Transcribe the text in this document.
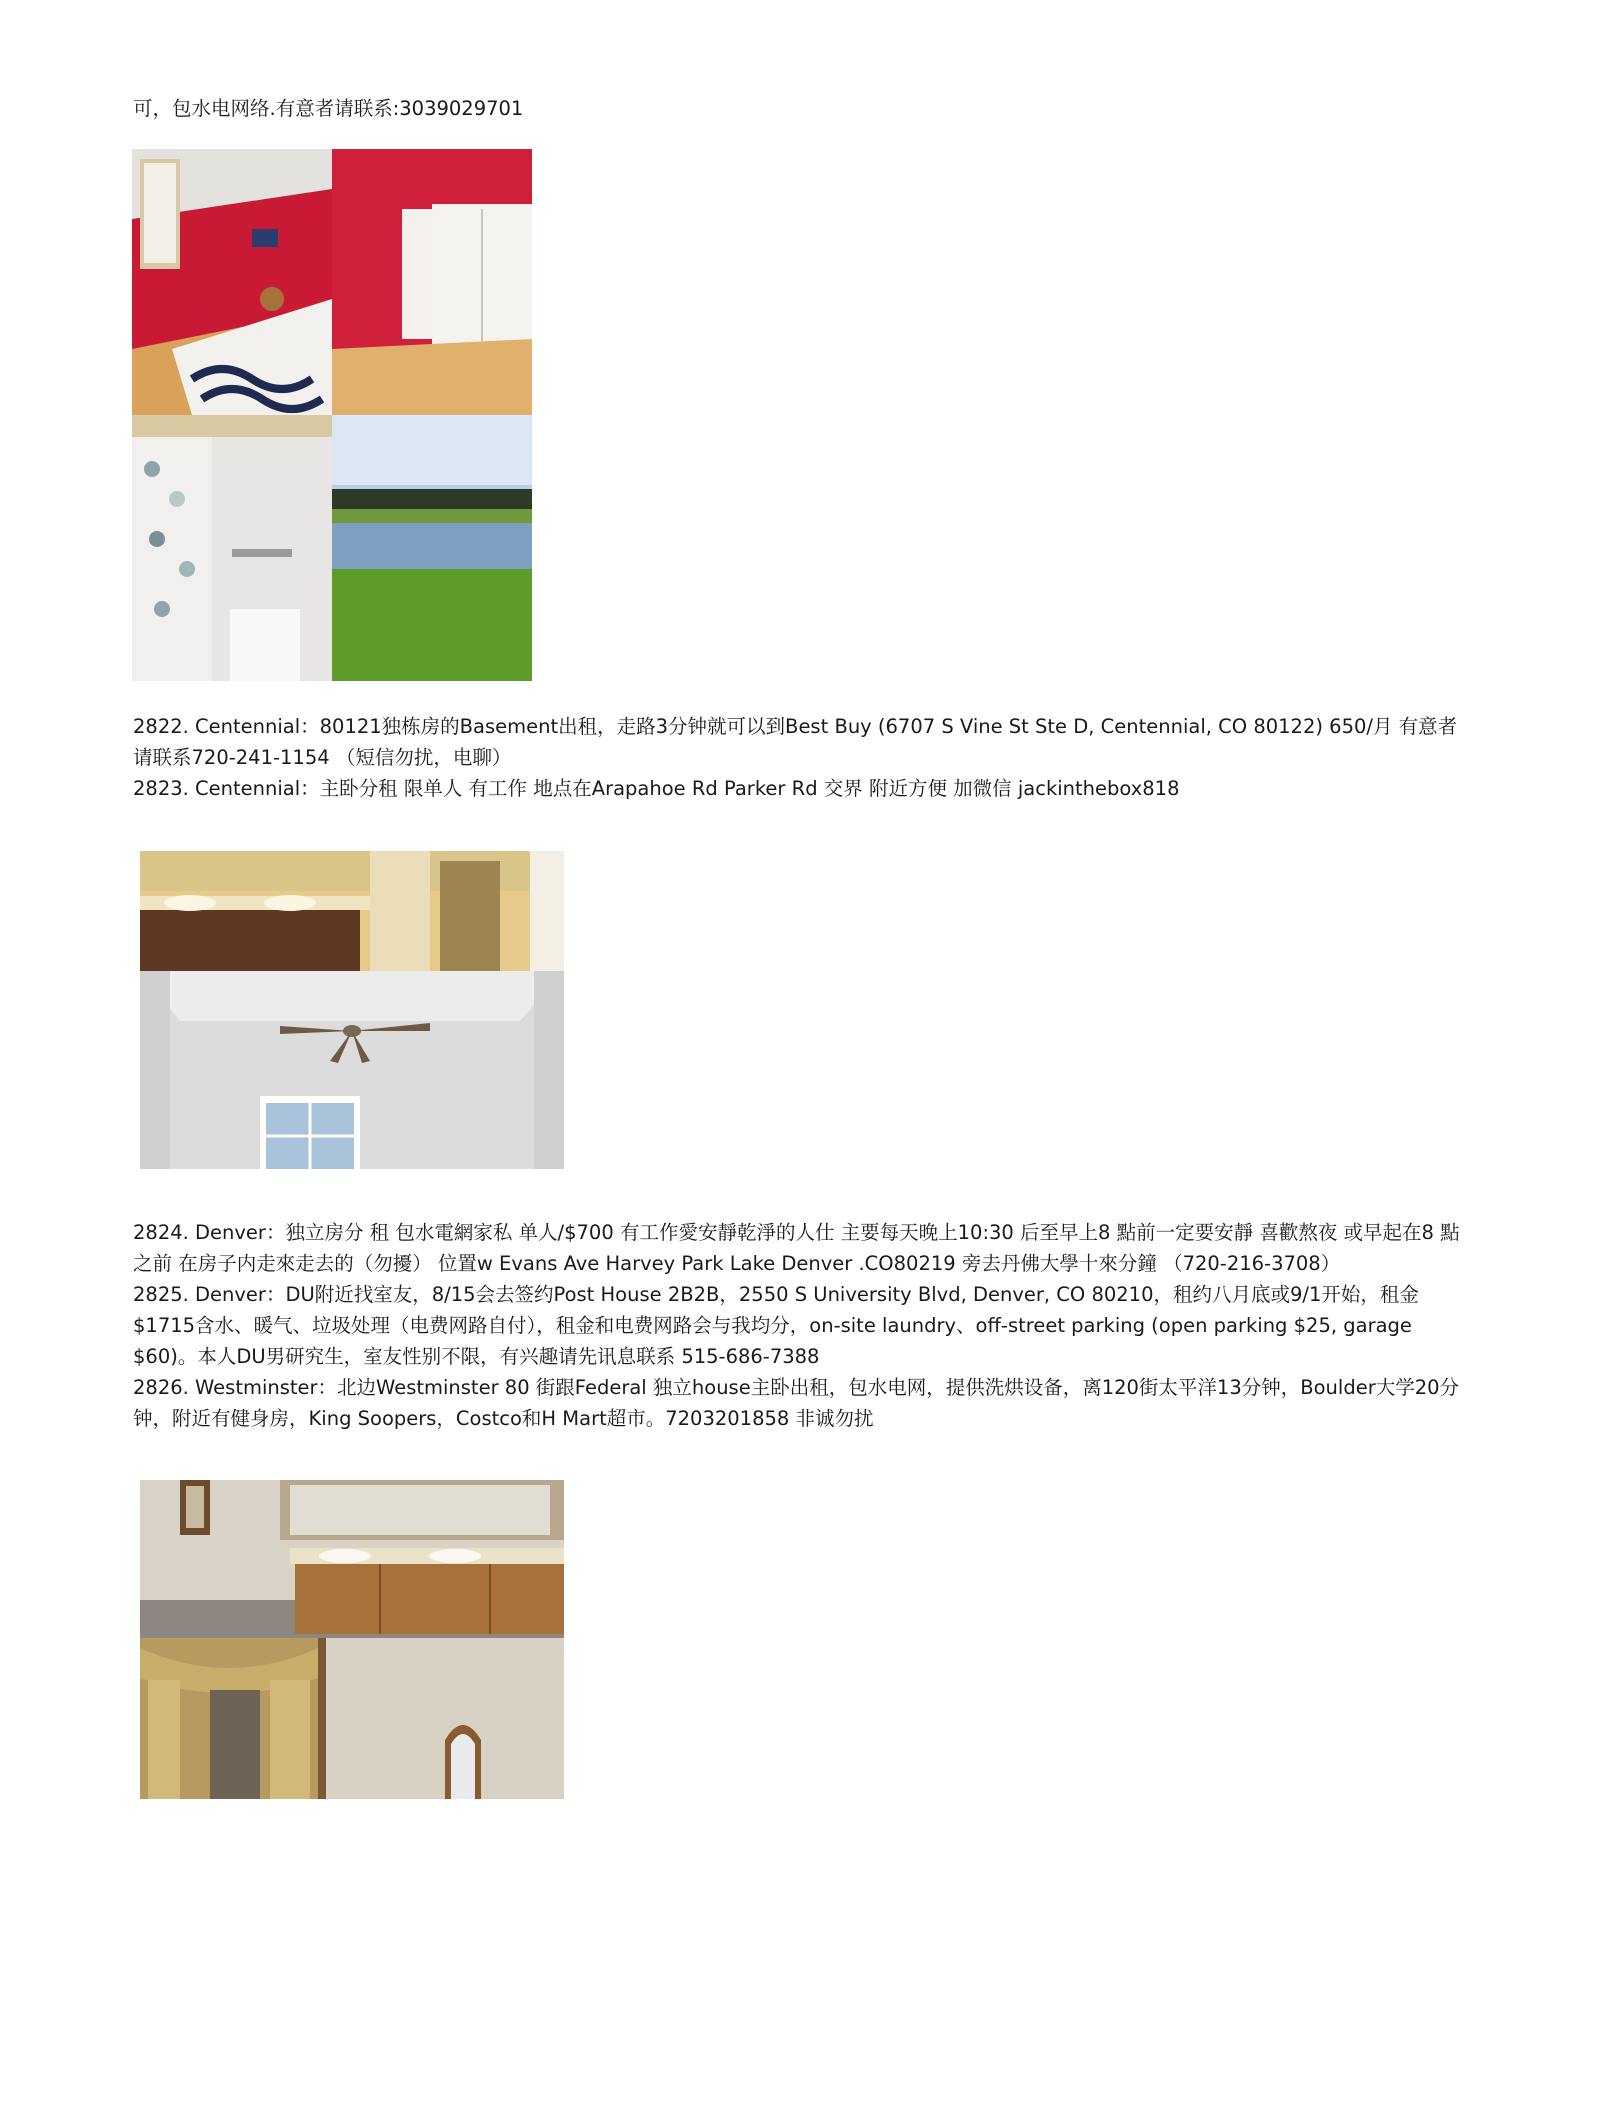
可，包水电网络.有意者请联系:3039029701
2822. Centennial：80121独栋房的Basement出租，走路3分钟就可以到Best Buy (6707 S Vine St Ste D, Centennial, CO 80122) 650/月 有意者请联系720-241-1154 （短信勿扰，电聊）
2823. Centennial：主卧分租 限单人 有工作 地点在Arapahoe Rd Parker Rd 交界 附近方便 加微信 jackinthebox818
2824. Denver：独立房分 租 包水電網家私 单人/$700 有工作愛安靜乾淨的人仕 主要每天晚上10:30 后至早上8 點前一定要安靜 喜歡熬夜 或早起在8 點之前 在房子内走來走去的（勿擾） 位置w Evans Ave Harvey Park Lake Denver .CO80219 旁去丹佛大學十來分鐘 （720-216-3708）
2825. Denver：DU附近找室友，8/15会去签约Post House 2B2B，2550 S University Blvd, Denver, CO 80210，租约八月底或9/1开始，租金$1715含水、暖气、垃圾处理（电费网路自付），租金和电费网路会与我均分，on-site laundry、off-street parking (open parking $25, garage $60)。本人DU男研究生，室友性别不限，有兴趣请先讯息联系 515-686-7388
2826. Westminster：北边Westminster 80 街跟Federal 独立house主卧出租，包水电网，提供洗烘设备，离120街太平洋13分钟，Boulder大学20分钟，附近有健身房，King Soopers，Costco和H Mart超市。7203201858 非诚勿扰
